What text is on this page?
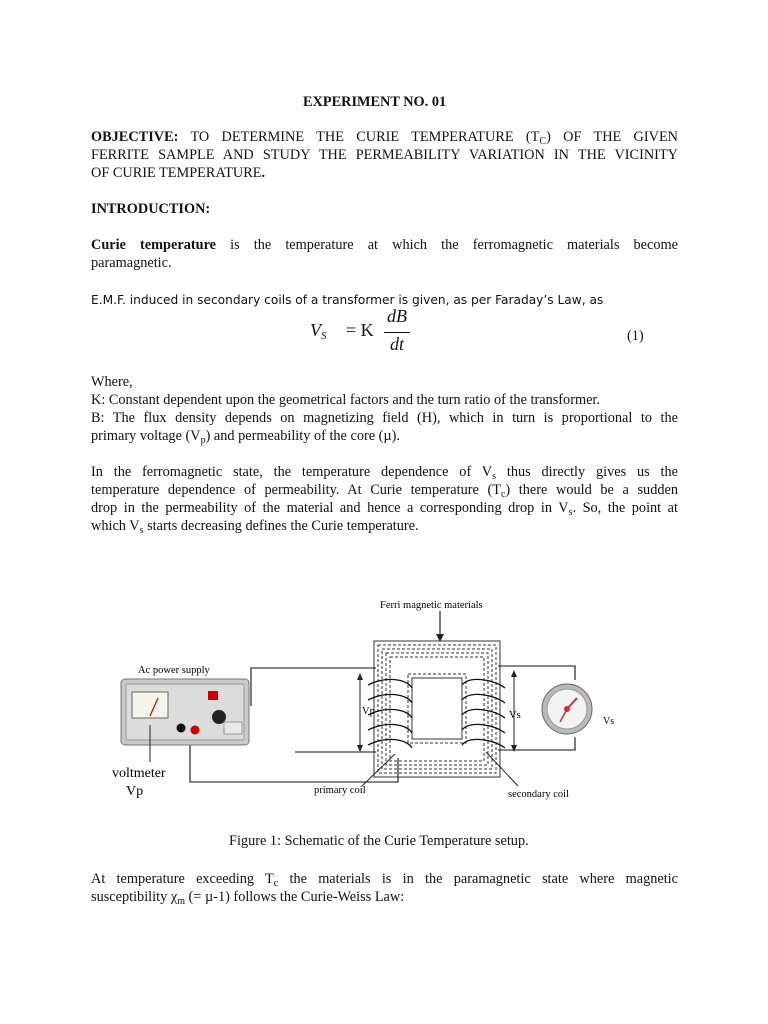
EXPERIMENT NO. 01
OBJECTIVE: TO DETERMINE THE CURIE TEMPERATURE $(T_C)$ OF THE GIVEN
FERRITE SAMPLE AND STUDY THE PERMEABILITY VARIATION IN THE VICINITY
OF CURIE TEMPERATURE.
INTRODUCTION:
Curie temperature is the temperature at which the ferromagnetic materials become
paramagnetic.
E.M.F. induced in secondary coils of a transformer is given, as per Faraday’s Law, as
$V_S = K$
dB
dt	(1)
Where,
K: Constant dependent upon the geometrical factors and the turn ratio of the transformer.
B: The flux density depends on magnetizing field (H), which in turn is proportional to the
primary voltage $(V_p)$ and permeability of the core (µ).
In the ferromagnetic state, the temperature dependence of $V_s$ thus directly gives us the
temperature dependence of permeability. At Curie temperature $(T_c)$ there would be a sudden
drop in the permeability of the material and hence a corresponding drop in $V_s$. So, the point at
which $V_s$ starts decreasing defines the Curie temperature.
Ferri magnetic materials
Vp	Vs
Ac power supply
voltmeter
Vp
Vs
primary coil	secondary coil
Figure 1: Schematic of the Curie Temperature setup.
At temperature exceeding $T_c$ the materials is in the paramagnetic state where magnetic
susceptibility $\chi_m$ (= µ-1) follows the Curie-Weiss Law:
